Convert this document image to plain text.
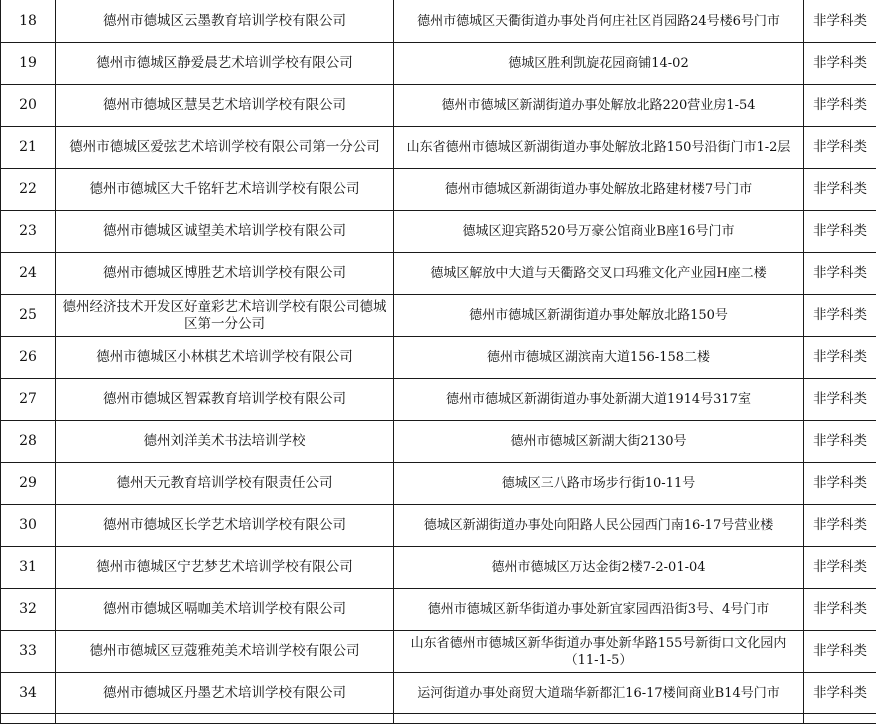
18	德州市德城区云墨教育培训学校有限公司	德州市德城区天衢街道办事处肖何庄社区肖园路24号楼6号门市	非学科类
19	德州市德城区静爱晨艺术培训学校有限公司	德城区胜利凯旋花园商铺14-02	非学科类
20	德州市德城区慧昊艺术培训学校有限公司	德州市德城区新湖街道办事处解放北路220营业房1-54	非学科类
21	德州市德城区爱弦艺术培训学校有限公司第一分公司	山东省德州市德城区新湖街道办事处解放北路150号沿街门市1-2层	非学科类
22	德州市德城区大千铭轩艺术培训学校有限公司	德州市德城区新湖街道办事处解放北路建材楼7号门市	非学科类
23	德州市德城区诚望美术培训学校有限公司	德城区迎宾路520号万豪公馆商业B座16号门市	非学科类
24	德州市德城区博胜艺术培训学校有限公司	德城区解放中大道与天衢路交叉口玛雅文化产业园H座二楼	非学科类
25	德州经济技术开发区好童彩艺术培训学校有限公司德城区第一分公司	德州市德城区新湖街道办事处解放北路150号	非学科类
26	德州市德城区小林棋艺术培训学校有限公司	德州市德城区湖滨南大道156-158二楼	非学科类
27	德州市德城区智霖教育培训学校有限公司	德州市德城区新湖街道办事处新湖大道1914号317室	非学科类
28	德州刘洋美术书法培训学校	德州市德城区新湖大街2130号	非学科类
29	德州天元教育培训学校有限责任公司	德城区三八路市场步行街10-11号	非学科类
30	德州市德城区长学艺术培训学校有限公司	德城区新湖街道办事处向阳路人民公园西门南16-17号营业楼	非学科类
31	德州市德城区宁艺梦艺术培训学校有限公司	德州市德城区万达金街2楼7-2-01-04	非学科类
32	德州市德城区嗝咖美术培训学校有限公司	德州市德城区新华街道办事处新宜家园西沿街3号、4号门市	非学科类
33	德州市德城区豆蔻雅苑美术培训学校有限公司	山东省德州市德城区新华街道办事处新华路155号新街口文化园内（11-1-5）	非学科类
34	德州市德城区丹墨艺术培训学校有限公司	运河街道办事处商贸大道瑞华新都汇16-17楼间商业B14号门市	非学科类
